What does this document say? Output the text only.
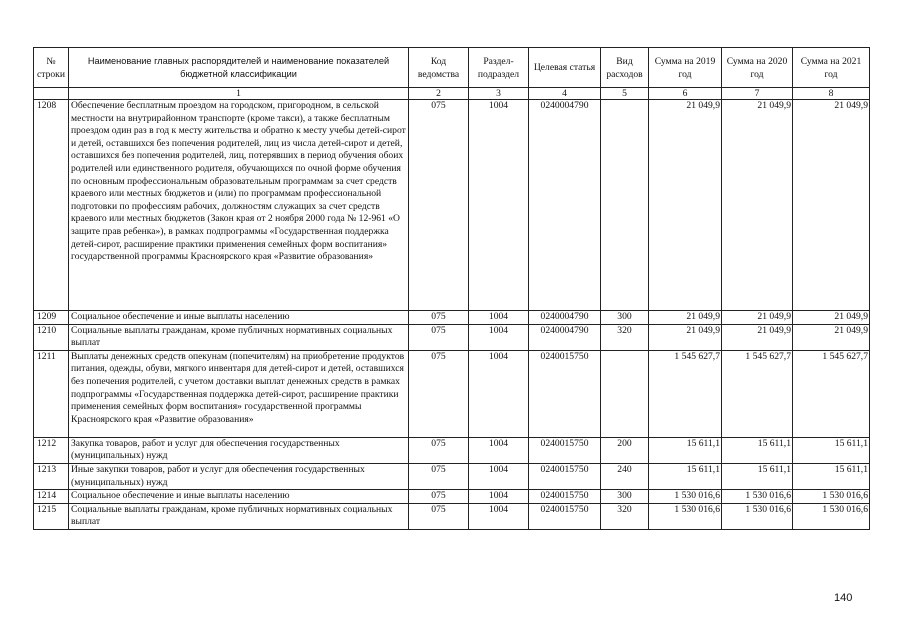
№ строки	Наименование главных распорядителей и наименование показателей бюджетной классификации	Код ведомства	Раздел-подраздел	Целевая статья	Вид расходов	Сумма на 2019 год	Сумма на 2020 год	Сумма на 2021 год
	1	2	3	4	5	6	7	8
1208	Обеспечение бесплатным проездом на городском, пригородном, в сельской местности на внутрирайонном транспорте (кроме такси), а также бесплатным проездом один раз в год к месту жительства и обратно к месту учебы детей-сирот и детей, оставшихся без попечения родителей, лиц из числа детей-сирот и детей, оставшихся без попечения родителей, лиц, потерявших в период обучения обоих родителей или единственного родителя, обучающихся по очной форме обучения по основным профессиональным образовательным программам за счет средств краевого или местных бюджетов и (или) по программам профессиональной подготовки по профессиям рабочих, должностям служащих за счет средств краевого или местных бюджетов (Закон края от 2 ноября 2000 года № 12-961 «О защите прав ребенка»), в рамках подпрограммы «Государственная поддержка детей-сирот, расширение практики применения семейных форм воспитания» государственной программы Красноярского края «Развитие образования»	075	1004	0240004790		21 049,9	21 049,9	21 049,9
1209	Социальное обеспечение и иные выплаты населению	075	1004	0240004790	300	21 049,9	21 049,9	21 049,9
1210	Социальные выплаты гражданам, кроме публичных нормативных социальных выплат	075	1004	0240004790	320	21 049,9	21 049,9	21 049,9
1211	Выплаты денежных средств опекунам (попечителям) на приобретение продуктов питания, одежды, обуви, мягкого инвентаря для детей-сирот и детей, оставшихся без попечения родителей, с учетом доставки выплат денежных средств в рамках подпрограммы «Государственная поддержка детей-сирот, расширение практики применения семейных форм воспитания» государственной программы Красноярского края «Развитие образования»	075	1004	0240015750		1 545 627,7	1 545 627,7	1 545 627,7
1212	Закупка товаров, работ и услуг для обеспечения государственных (муниципальных) нужд	075	1004	0240015750	200	15 611,1	15 611,1	15 611,1
1213	Иные закупки товаров, работ и услуг для обеспечения государственных (муниципальных) нужд	075	1004	0240015750	240	15 611,1	15 611,1	15 611,1
1214	Социальное обеспечение и иные выплаты населению	075	1004	0240015750	300	1 530 016,6	1 530 016,6	1 530 016,6
1215	Социальные выплаты гражданам, кроме публичных нормативных социальных выплат	075	1004	0240015750	320	1 530 016,6	1 530 016,6	1 530 016,6
140
